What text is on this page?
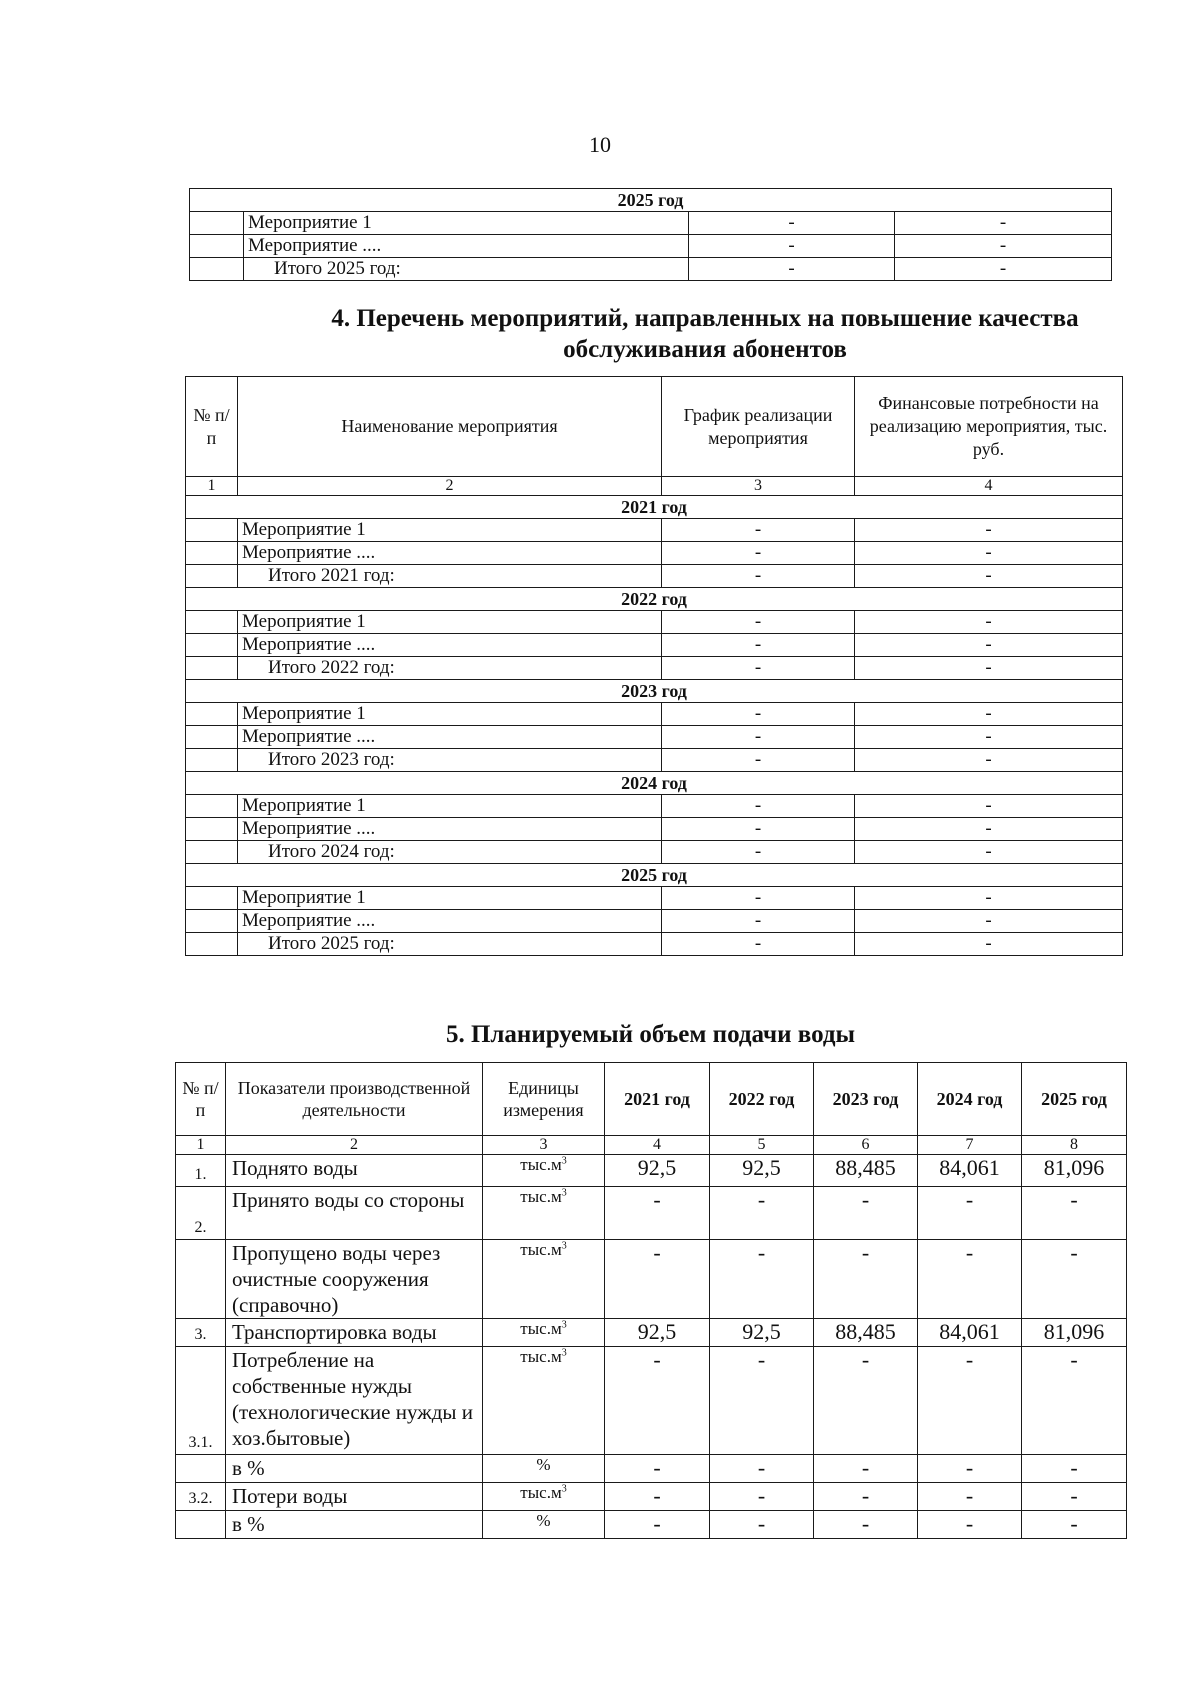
10
2025 год			
	Мероприятие 1	-	-
	Мероприятие ....	-	-
	Итого 2025 год:	-	-
4. Перечень мероприятий, направленных на повышение качества
обслуживания абонентов
№ п/п	Наименование мероприятия	График реализации мероприятия	Финансовые потребности на реализацию мероприятия, тыс. руб.
1	2	3	4
2021 год			
	Мероприятие 1	-	-
	Мероприятие ....	-	-
	Итого 2021 год:	-	-
2022 год			
	Мероприятие 1	-	-
	Мероприятие ....	-	-
	Итого 2022 год:	-	-
2023 год			
	Мероприятие 1	-	-
	Мероприятие ....	-	-
	Итого 2023 год:	-	-
2024 год			
	Мероприятие 1	-	-
	Мероприятие ....	-	-
	Итого 2024 год:	-	-
2025 год			
	Мероприятие 1	-	-
	Мероприятие ....	-	-
	Итого 2025 год:	-	-
5. Планируемый объем подачи воды
№ п/п	Показатели производственной деятельности	Единицы измерения	2021 год	2022 год	2023 год	2024 год	2025 год
1	2	3	4	5	6	7	8
1.	Поднято воды	$тыс.м^3$	92,5	92,5	88,485	84,061	81,096
2.	Принято воды со стороны	$тыс.м^3$	-	-	-	-	-
	Пропущено воды через очистные сооружения (справочно)	$тыс.м^3$	-	-	-	-	-
3.	Транспортировка воды	$тыс.м^3$	92,5	92,5	88,485	84,061	81,096
3.1.	Потребление на собственные нужды (технологические нужды и хоз.бытовые)	$тыс.м^3$	-	-	-	-	-
	в %	%	-	-	-	-	-
3.2.	Потери воды	$тыс.м^3$	-	-	-	-	-
	в %	%	-	-	-	-	-
